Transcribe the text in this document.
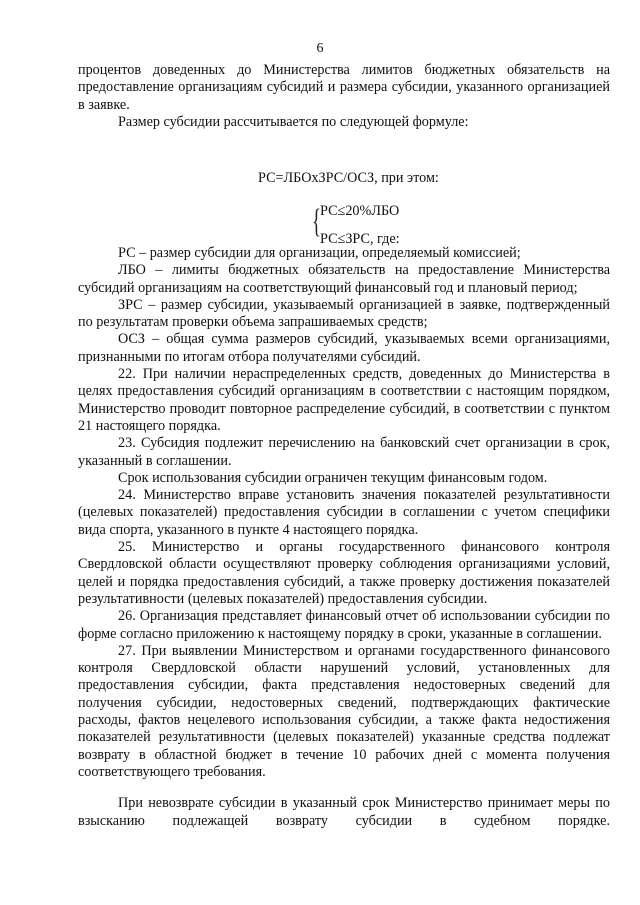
6

процентов доведенных до Министерства лимитов бюджетных обязательств на предоставление организациям субсидий и размера субсидии, указанного организацией в заявке.

Размер субсидии рассчитывается по следующей формуле:

РС=ЛБОхЗРС/ОСЗ, при этом:
{ РС≤20%ЛБО
РС≤ЗРС, где:

РС – размер субсидии для организации, определяемый комиссией;

ЛБО – лимиты бюджетных обязательств на предоставление Министерства субсидий организациям на соответствующий финансовый год и плановый период;

ЗРС – размер субсидии, указываемый организацией в заявке, подтвержденный по результатам проверки объема запрашиваемых средств;

ОСЗ – общая сумма размеров субсидий, указываемых всеми организациями, признанными по итогам отбора получателями субсидий.

22. При наличии нераспределенных средств, доведенных до Министерства в целях предоставления субсидий организациям в соответствии с настоящим порядком, Министерство проводит повторное распределение субсидий, в соответствии с пунктом 21 настоящего порядка.

23. Субсидия подлежит перечислению на банковский счет организации в срок, указанный в соглашении.

Срок использования субсидии ограничен текущим финансовым годом.

24. Министерство вправе установить значения показателей результативности (целевых показателей) предоставления субсидии в соглашении с учетом специфики вида спорта, указанного в пункте 4 настоящего порядка.

25. Министерство и органы государственного финансового контроля Свердловской области осуществляют проверку соблюдения организациями условий, целей и порядка предоставления субсидий, а также проверку достижения показателей результативности (целевых показателей) предоставления субсидии.

26. Организация представляет финансовый отчет об использовании субсидии по форме согласно приложению к настоящему порядку в сроки, указанные в соглашении.

27. При выявлении Министерством и органами государственного финансового контроля Свердловской области нарушений условий, установленных для предоставления субсидии, факта представления недостоверных сведений для получения субсидии, недостоверных сведений, подтверждающих фактические расходы, фактов нецелевого использования субсидии, а также факта недостижения показателей результативности (целевых показателей) указанные средства подлежат возврату в областной бюджет в течение 10 рабочих дней с момента получения соответствующего требования.

При невозврате субсидии в указанный срок Министерство принимает меры по взысканию подлежащей возврату субсидии в судебном порядке.
